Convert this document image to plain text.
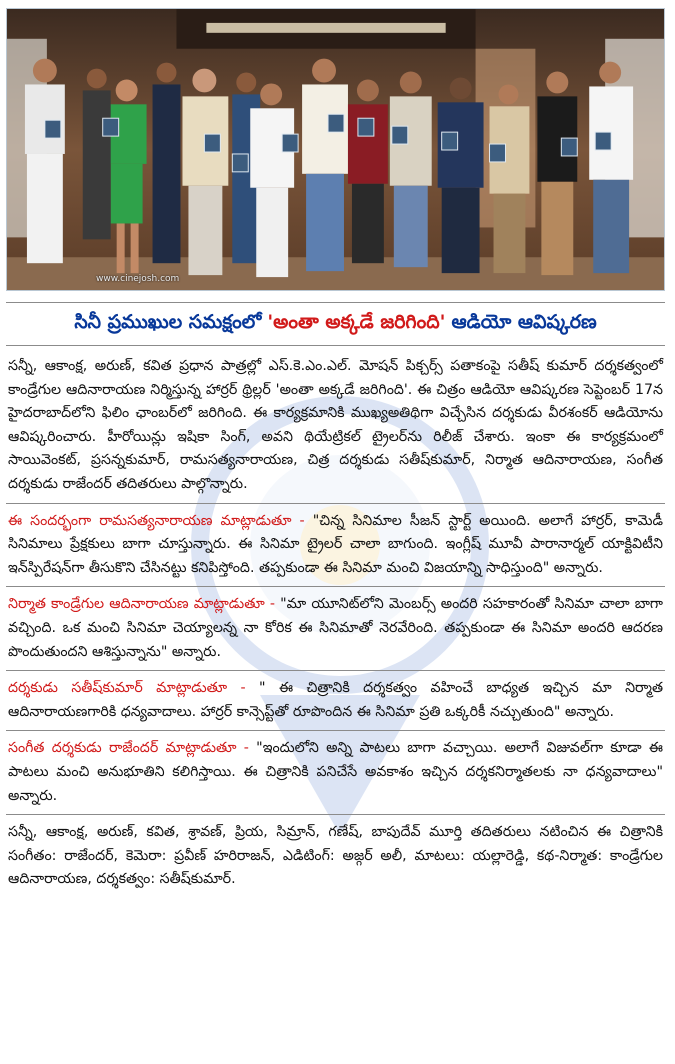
www.cinejosh.com
సినీ ప్రముఖుల సమక్షంలో 'అంతా అక్కడే జరిగింది' ఆడియో ఆవిష్కరణ

సన్నీ, ఆకాంక్ష, అరుణ్, కవిత ప్రధాన పాత్రల్లో ఎస్.కె.ఎం.ఎల్. మోషన్ పిక్చర్స్ పతాకంపై సతీష్ కుమార్ దర్శకత్వంలో కాండ్రేగుల ఆదినారాయణ నిర్మిస్తున్న హార్రర్ థ్రిల్లర్ 'అంతా అక్కడే జరిగింది'. ఈ చిత్రం ఆడియో ఆవిష్కరణ సెప్టెంబర్ 17న హైదరాబాద్‌లోని ఫిలిం ఛాంబర్‌లో జరిగింది. ఈ కార్యక్రమానికి ముఖ్యఅతిథిగా విచ్చేసిన దర్శకుడు వీరశంకర్ ఆడియోను ఆవిష్కరించారు. హీరోయిన్లు ఇషికా సింగ్, అవని థియేట్రికల్ ట్రైలర్‌ను రిలీజ్ చేశారు. ఇంకా ఈ కార్యక్రమంలో సాయివెంకట్, ప్రసన్నకుమార్, రామసత్యనారాయణ, చిత్ర దర్శకుడు సతీష్‌కుమార్, నిర్మాత ఆదినారాయణ, సంగీత దర్శకుడు రాజేందర్ తదితరులు పాల్గొన్నారు.

ఈ సందర్భంగా రామసత్యనారాయణ మాట్లాడుతూ - "చిన్న సినిమాల సీజన్ స్టార్ట్ అయింది. అలాగే హార్రర్, కామెడీ సినిమాలు ప్రేక్షకులు బాగా చూస్తున్నారు. ఈ సినిమా ట్రైలర్ చాలా బాగుంది. ఇంగ్లీష్ మూవీ పారానార్మల్ యాక్టివిటీని ఇన్‌స్పిరేషన్‌గా తీసుకొని చేసినట్టు కనిపిస్తోంది. తప్పకుండా ఈ సినిమా మంచి విజయాన్ని సాధిస్తుంది" అన్నారు.

నిర్మాత కాండ్రేగుల ఆదినారాయణ మాట్లాడుతూ - "మా యూనిట్‌లోని మెంబర్స్ అందరి సహకారంతో సినిమా చాలా బాగా వచ్చింది. ఒక మంచి సినిమా చెయ్యాలన్న నా కోరిక ఈ సినిమాతో నెరవేరింది. తప్పకుండా ఈ సినిమా అందరి ఆదరణ పొందుతుందని ఆశిస్తున్నాను" అన్నారు.

దర్శకుడు సతీష్‌కుమార్ మాట్లాడుతూ - " ఈ చిత్రానికి దర్శకత్వం వహించే బాధ్యత ఇచ్చిన మా నిర్మాత ఆదినారాయణగారికి ధన్యవాదాలు. హార్రర్ కాన్సెప్ట్‌తో రూపొందిన ఈ సినిమా ప్రతి ఒక్కరికీ నచ్చుతుంది" అన్నారు.

సంగీత దర్శకుడు రాజేందర్ మాట్లాడుతూ - "ఇందులోని అన్ని పాటలు బాగా వచ్చాయి. అలాగే విజువల్‌గా కూడా ఈ పాటలు మంచి అనుభూతిని కలిగిస్తాయి. ఈ చిత్రానికి పనిచేసే అవకాశం ఇచ్చిన దర్శకనిర్మాతలకు నా ధన్యవాదాలు" అన్నారు.

సన్నీ, ఆకాంక్ష, అరుణ్, కవిత, శ్రావణ్, ప్రియ, సిమ్రాన్, గణేష్, బాపుదేవ్ మూర్తి తదితరులు నటించిన ఈ చిత్రానికి సంగీతం: రాజేందర్, కెమెరా: ప్రవీణ్ హరిరాజన్, ఎడిటింగ్: అజ్గర్ అలీ, మాటలు: యల్లారెడ్డి, కథ-నిర్మాత: కాండ్రేగుల ఆదినారాయణ, దర్శకత్వం: సతీష్‌కుమార్.
